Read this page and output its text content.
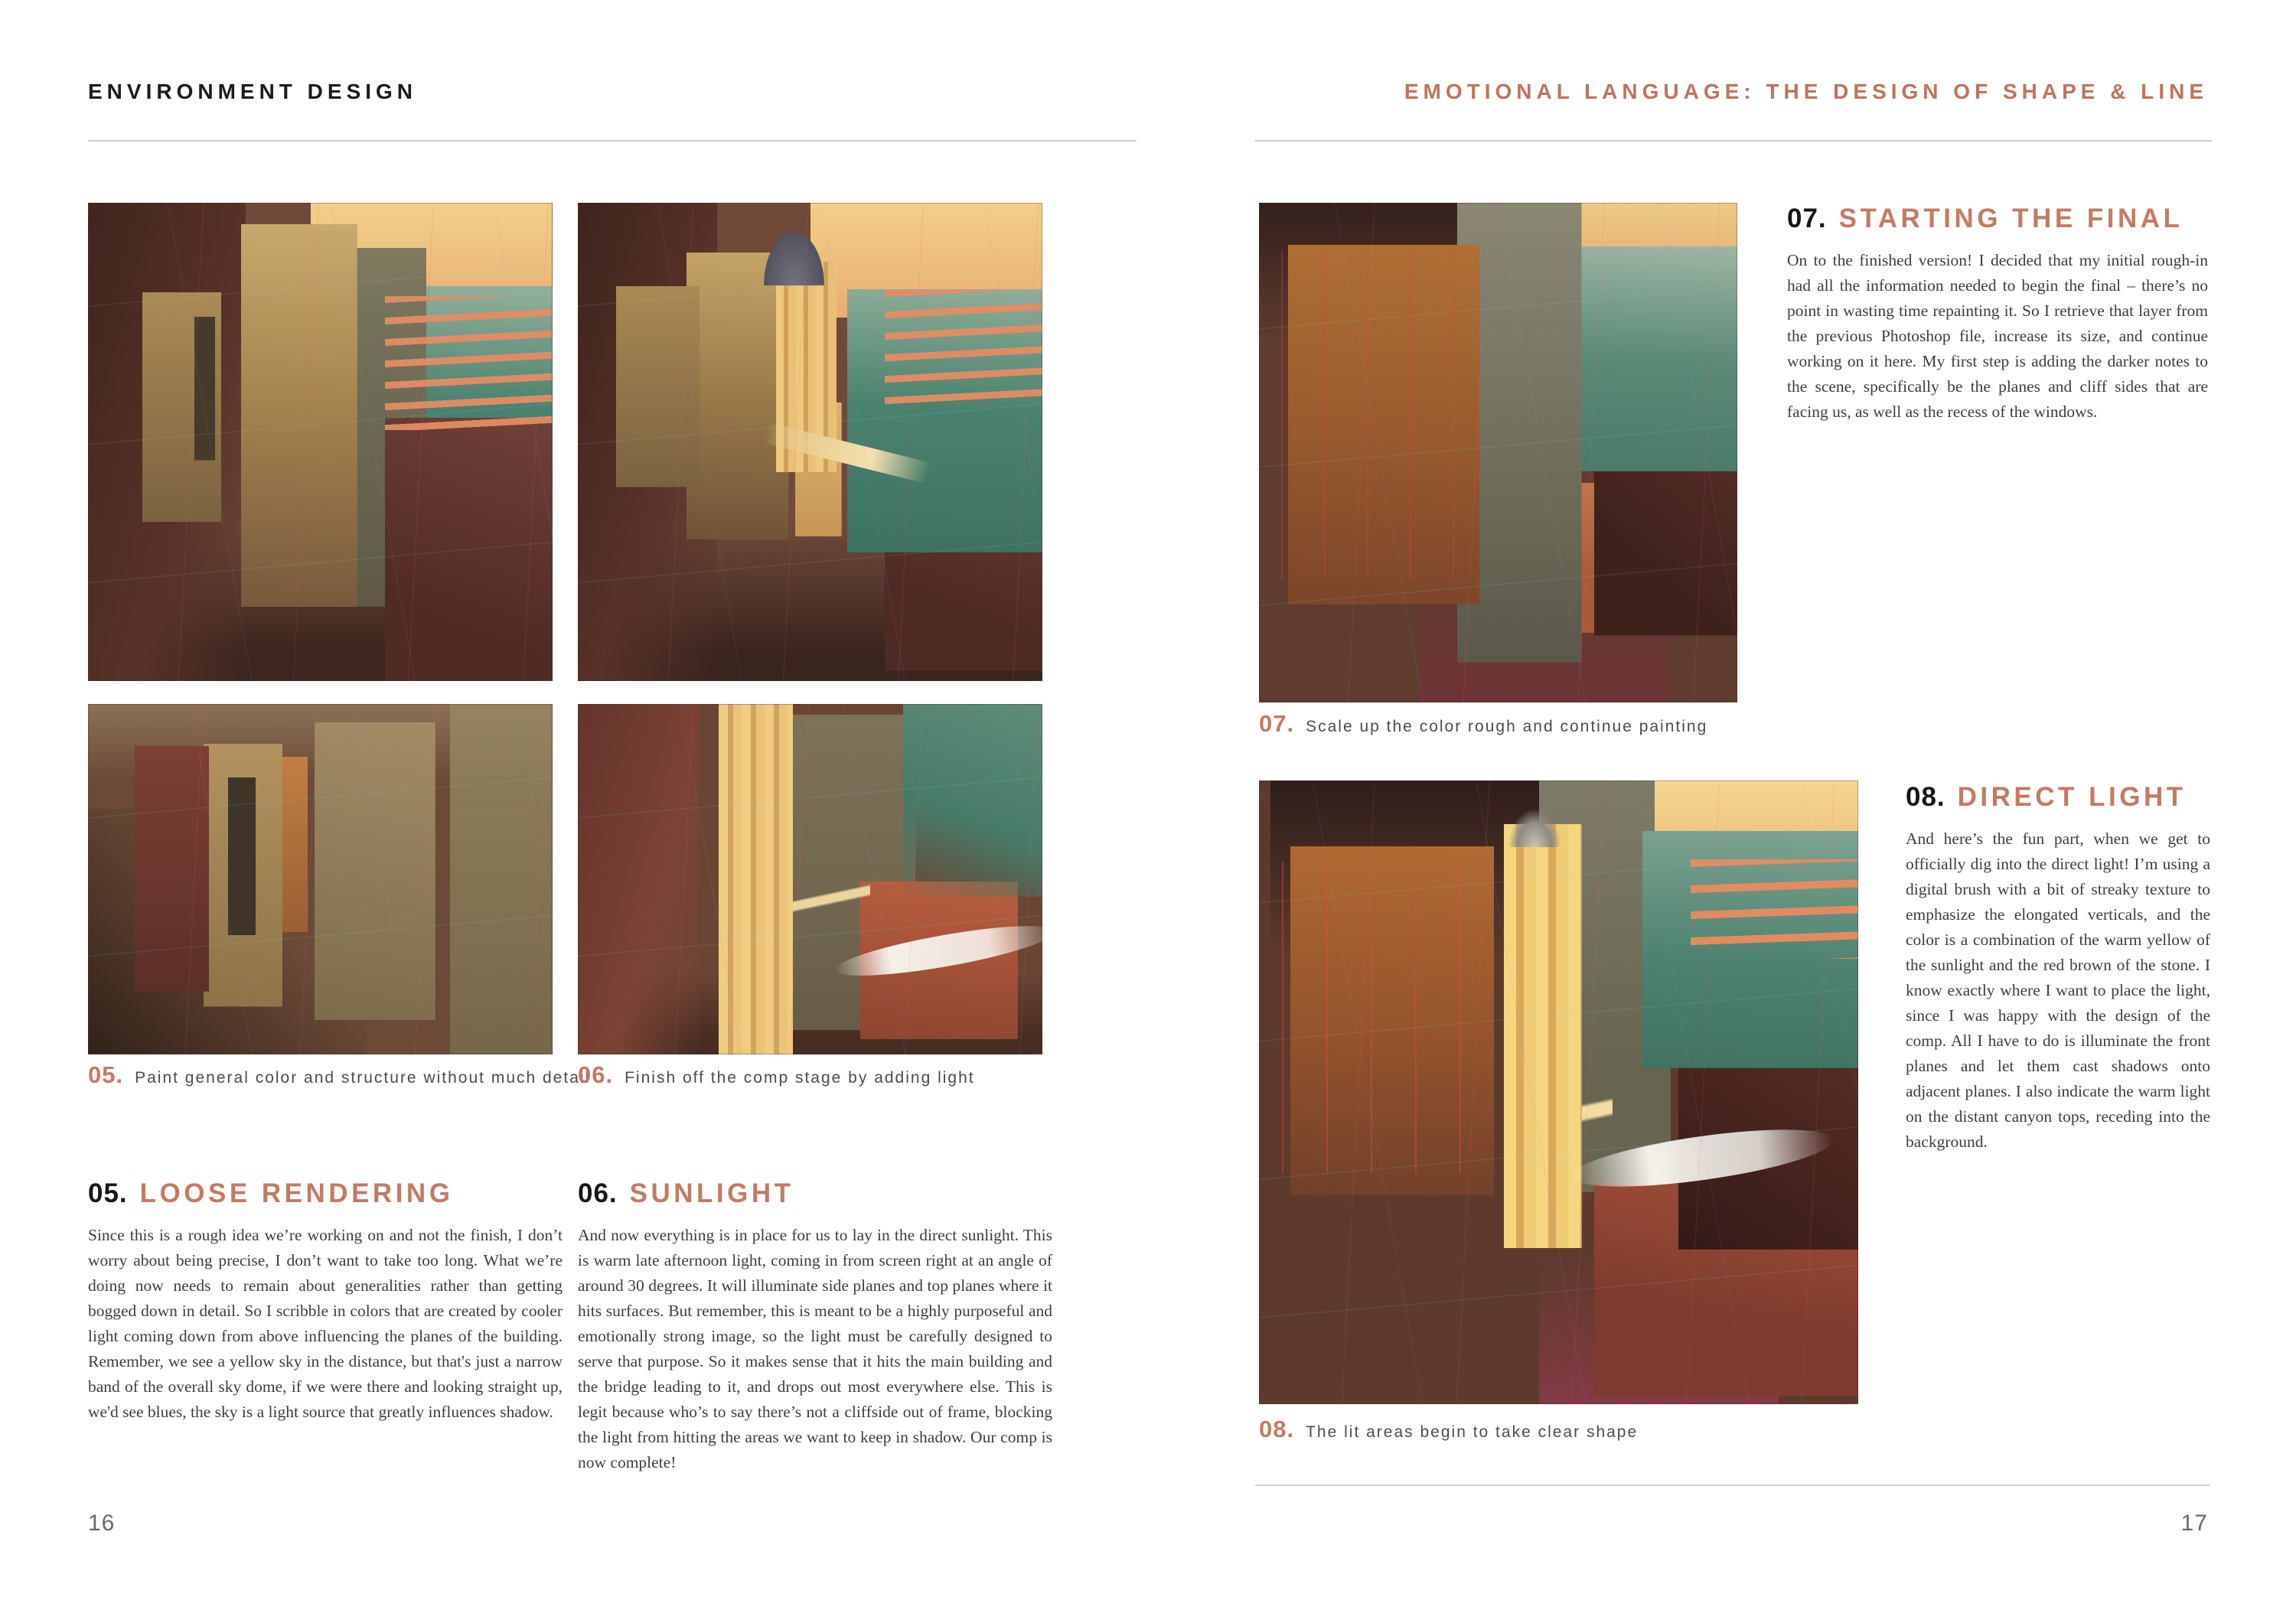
ENVIRONMENT DESIGN	EMOTIONAL LANGUAGE: THE DESIGN OF SHAPE & LINE
05. Paint general color and structure without much detail
06. Finish off the comp stage by adding light
05. LOOSE RENDERING

Since this is a rough idea we’re working on and not the finish, I don’t worry about being precise, I don’t want to take too long. What we’re doing now needs to remain about generalities rather than getting bogged down in detail. So I scribble in colors that are created by cooler light coming down from above influencing the planes of the building. Remember, we see a yellow sky in the distance, but that's just a narrow band of the overall sky dome, if we were there and looking straight up, we'd see blues, the sky is a light source that greatly influences shadow.

06. SUNLIGHT

And now everything is in place for us to lay in the direct sunlight. This is warm late afternoon light, coming in from screen right at an angle of around 30 degrees. It will illuminate side planes and top planes where it hits surfaces. But remember, this is meant to be a highly purposeful and emotionally strong image, so the light must be carefully designed to serve that purpose. So it makes sense that it hits the main building and the bridge leading to it, and drops out most everywhere else. This is legit because who’s to say there’s not a cliffside out of frame, blocking the light from hitting the areas we want to keep in shadow. Our comp is now complete!

07. Scale up the color rough and continue painting
08. The lit areas begin to take clear shape
07. STARTING THE FINAL

On to the finished version! I decided that my initial rough-in had all the information needed to begin the final – there’s no point in wasting time repainting it. So I retrieve that layer from the previous Photoshop file, increase its size, and continue working on it here. My first step is adding the darker notes to the scene, specifically be the planes and cliff sides that are facing us, as well as the recess of the windows.

08. DIRECT LIGHT

And here’s the fun part, when we get to officially dig into the direct light! I’m using a digital brush with a bit of streaky texture to emphasize the elongated verticals, and the color is a combination of the warm yellow of the sunlight and the red brown of the stone. I know exactly where I want to place the light, since I was happy with the design of the comp. All I have to do is illuminate the front planes and let them cast shadows onto adjacent planes. I also indicate the warm light on the distant canyon tops, receding into the background.

16	17
